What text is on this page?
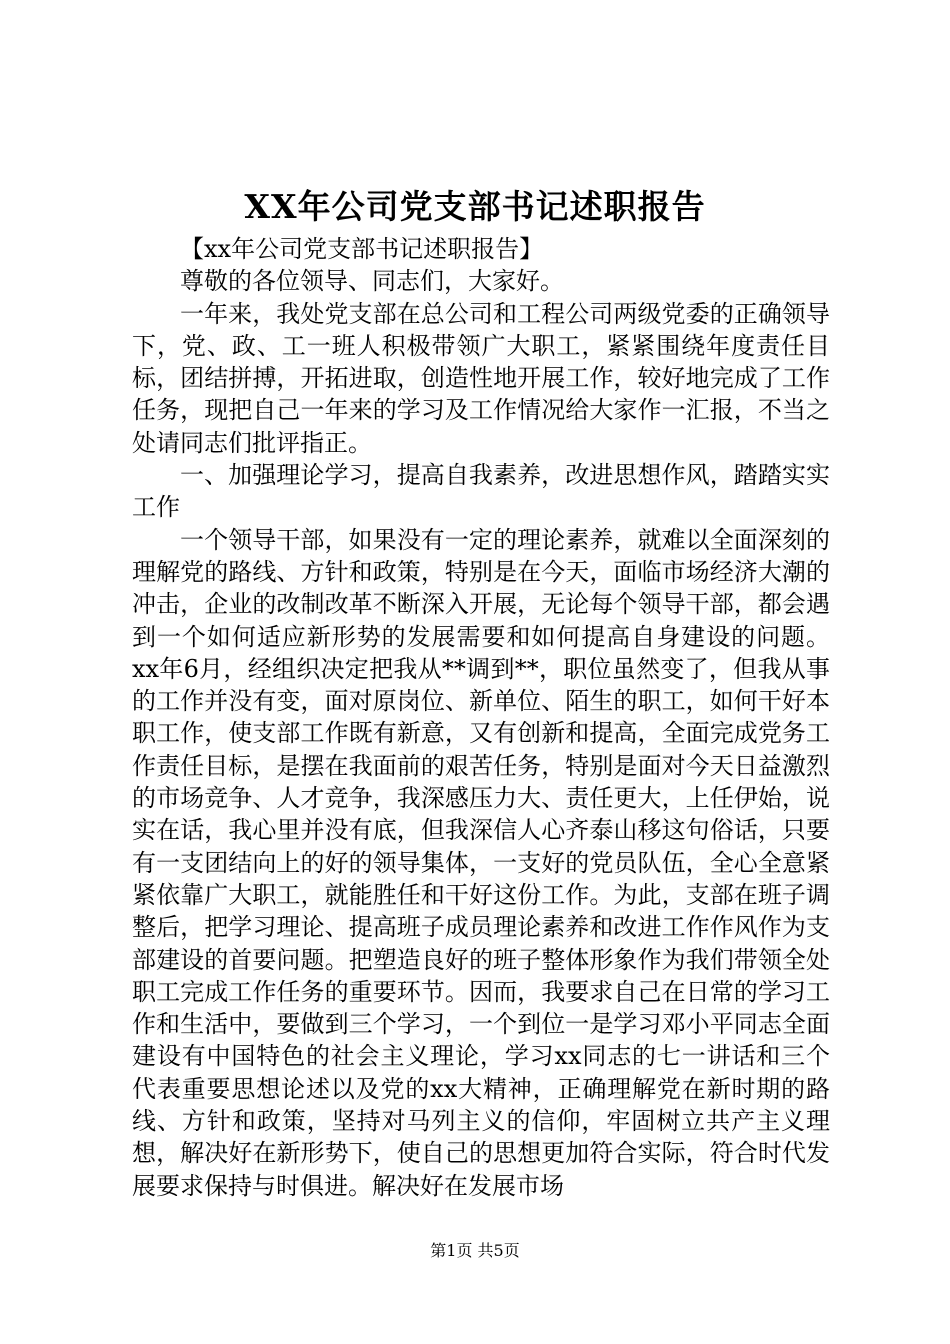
XX年公司党支部书记述职报告

【xx年公司党支部书记述职报告】

尊敬的各位领导、同志们，大家好。

一年来，我处党支部在总公司和工程公司两级党委的正确领导下，党、政、工一班人积极带领广大职工，紧紧围绕年度责任目标，团结拼搏，开拓进取，创造性地开展工作，较好地完成了工作任务，现把自己一年来的学习及工作情况给大家作一汇报，不当之处请同志们批评指正。

一、加强理论学习，提高自我素养，改进思想作风，踏踏实实工作

一个领导干部，如果没有一定的理论素养，就难以全面深刻的理解党的路线、方针和政策，特别是在今天，面临市场经济大潮的冲击，企业的改制改革不断深入开展，无论每个领导干部，都会遇到一个如何适应新形势的发展需要和如何提高自身建设的问题。xx年6月，经组织决定把我从**调到**，职位虽然变了，但我从事的工作并没有变，面对原岗位、新单位、陌生的职工，如何干好本职工作，使支部工作既有新意，又有创新和提高，全面完成党务工作责任目标，是摆在我面前的艰苦任务，特别是面对今天日益激烈的市场竞争、人才竞争，我深感压力大、责任更大，上任伊始，说实在话，我心里并没有底，但我深信人心齐泰山移这句俗话，只要有一支团结向上的好的领导集体，一支好的党员队伍，全心全意紧紧依靠广大职工，就能胜任和干好这份工作。为此，支部在班子调整后，把学习理论、提高班子成员理论素养和改进工作作风作为支部建设的首要问题。把塑造良好的班子整体形象作为我们带领全处职工完成工作任务的重要环节。因而，我要求自己在日常的学习工作和生活中，要做到三个学习，一个到位一是学习邓小平同志全面建设有中国特色的社会主义理论，学习xx同志的七一讲话和三个代表重要思想论述以及党的xx大精神，正确理解党在新时期的路线、方针和政策，坚持对马列主义的信仰，牢固树立共产主义理想，解决好在新形势下，使自己的思想更加符合实际，符合时代发展要求保持与时俱进。解决好在发展市场

第1页 共5页
